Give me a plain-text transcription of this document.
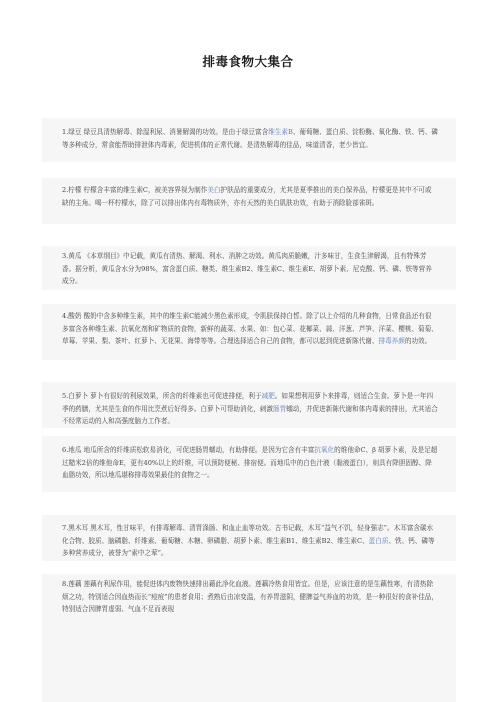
排毒食物大集合

1.绿豆 绿豆具清热解毒、除湿利尿、消暑解渴的功效。是由于绿豆富含维生素B、葡萄糖、蛋白质、淀粉酶、氧化酶、铁、钙、磷等多种成分，常食能帮助排泄体内毒素，促进机体的正常代谢。是清热解毒的佳品，味道清香，老少皆宜。

2.柠檬 柠檬含丰富的维生素C，被美容界视为制作美白护肤品的重要成分，尤其是夏季推出的美白保养品，柠檬更是其中不可或缺的主角。喝一杯柠檬水，除了可以排出体内有毒物质外，亦有天然的美白肌肤功效，有助于消除脸部雀斑。

3.黄瓜 《本草纲目》中记载，黄瓜有清热、解渴、利水、消肿之功效。黄瓜肉质脆嫩，汁多味甘，生食生津解渴，且有特殊芳香。据分析，黄瓜含水分为98%，富含蛋白质、糖类、维生素B2、维生素C、维生素E、胡萝卜素、尼克酸、钙、磷、铁等营养成分。

4.酸奶 酸奶中含多种维生素，其中的维生素C能减少黑色素形成，令肌肤保持白皙。除了以上介绍的几种食物，日常食品还有很多富含各种维生素、抗氧化剂和矿物质的食物，新鲜的蔬菜、水果、如：包心菜、花椰菜、蒜、洋葱、芦笋、洋菜、樱桃、菊菊、草莓、苹果、梨、茶叶、红萝卜、无花果、海带等等。合理选择适合自己的食物，都可以起到促进新陈代谢、排毒养颜的功效。

5.白萝卜 萝卜有很好的利尿效果，所含的纤维素也可促进排便，利于减肥。如果想利用萝卜来排毒，则适合生食。萝卜是一年四季的药膳，尤其是生食的作用比烹煮后好得多。白萝卜可帮助消化，刺激肠胃蠕动，并促进新陈代谢和体内毒素的排出，尤其适合不经常运动的人和高强度脑力工作者。

6.地瓜 地瓜所含的纤维质松软易消化，可促进肠胃蠕动，有助排便。是因为它含有丰富抗氧化的维他命C、β 胡萝卜素，及是足超过糙米2倍的维他命E，更有40%以上的纤维，可以预防便秘、排宿便。而地瓜中的白色汁液（黏液蛋白），则具有降胆固醇、降血脂功效，所以地瓜堪称排毒效果最佳的食物之一。

7.黑木耳 黑木耳，性甘味平，有排毒解毒、清胃涤肠、和血止血等功效。古书记载，木耳“益气不饥，轻身强志”。木耳富含碳水化合物、胶质、脑磷脂、纤维素、葡萄糖、木糖、卵磷脂、胡萝卜素、维生素B1、维生素B2、维生素C、蛋白质、铁、钙、磷等多种营养成分，被誉为“素中之荤”。

8.莲藕 莲藕有利尿作用，能促进体内废物快速排出藉此净化血液。莲藕冷热食用皆宜。但是，应该注意的是生藕性寒，有清热除烦之功，特别适合因血热而长“痘痘”的患者食用；煮熟后由凉变温，有养胃滋阴，健脾益气养血的功效，是一种很好的食补佳品，特别适合因脾胃虚弱、气血不足而表现
